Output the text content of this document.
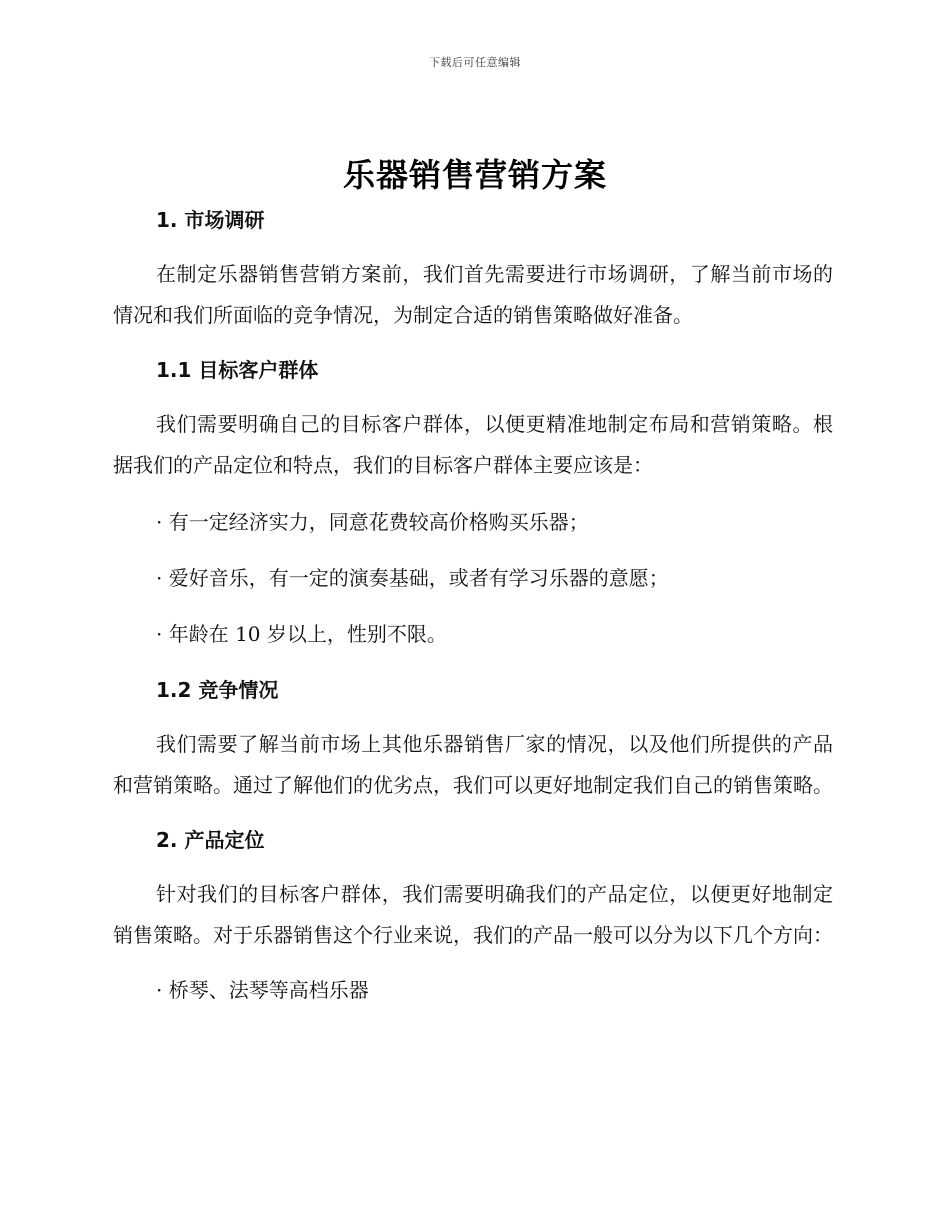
下载后可任意编辑
乐器销售营销方案
1. 市场调研

在制定乐器销售营销方案前，我们首先需要进行市场调研，了解当前市场的情况和我们所面临的竞争情况，为制定合适的销售策略做好准备。

1.1 目标客户群体

我们需要明确自己的目标客户群体，以便更精准地制定布局和营销策略。根据我们的产品定位和特点，我们的目标客户群体主要应该是：

· 有一定经济实力，同意花费较高价格购买乐器；
· 爱好音乐，有一定的演奏基础，或者有学习乐器的意愿；
· 年龄在 10 岁以上，性别不限。
1.2 竞争情况

我们需要了解当前市场上其他乐器销售厂家的情况，以及他们所提供的产品和营销策略。通过了解他们的优劣点，我们可以更好地制定我们自己的销售策略。

2. 产品定位

针对我们的目标客户群体，我们需要明确我们的产品定位，以便更好地制定销售策略。对于乐器销售这个行业来说，我们的产品一般可以分为以下几个方向：

· 桥琴、法琴等高档乐器
